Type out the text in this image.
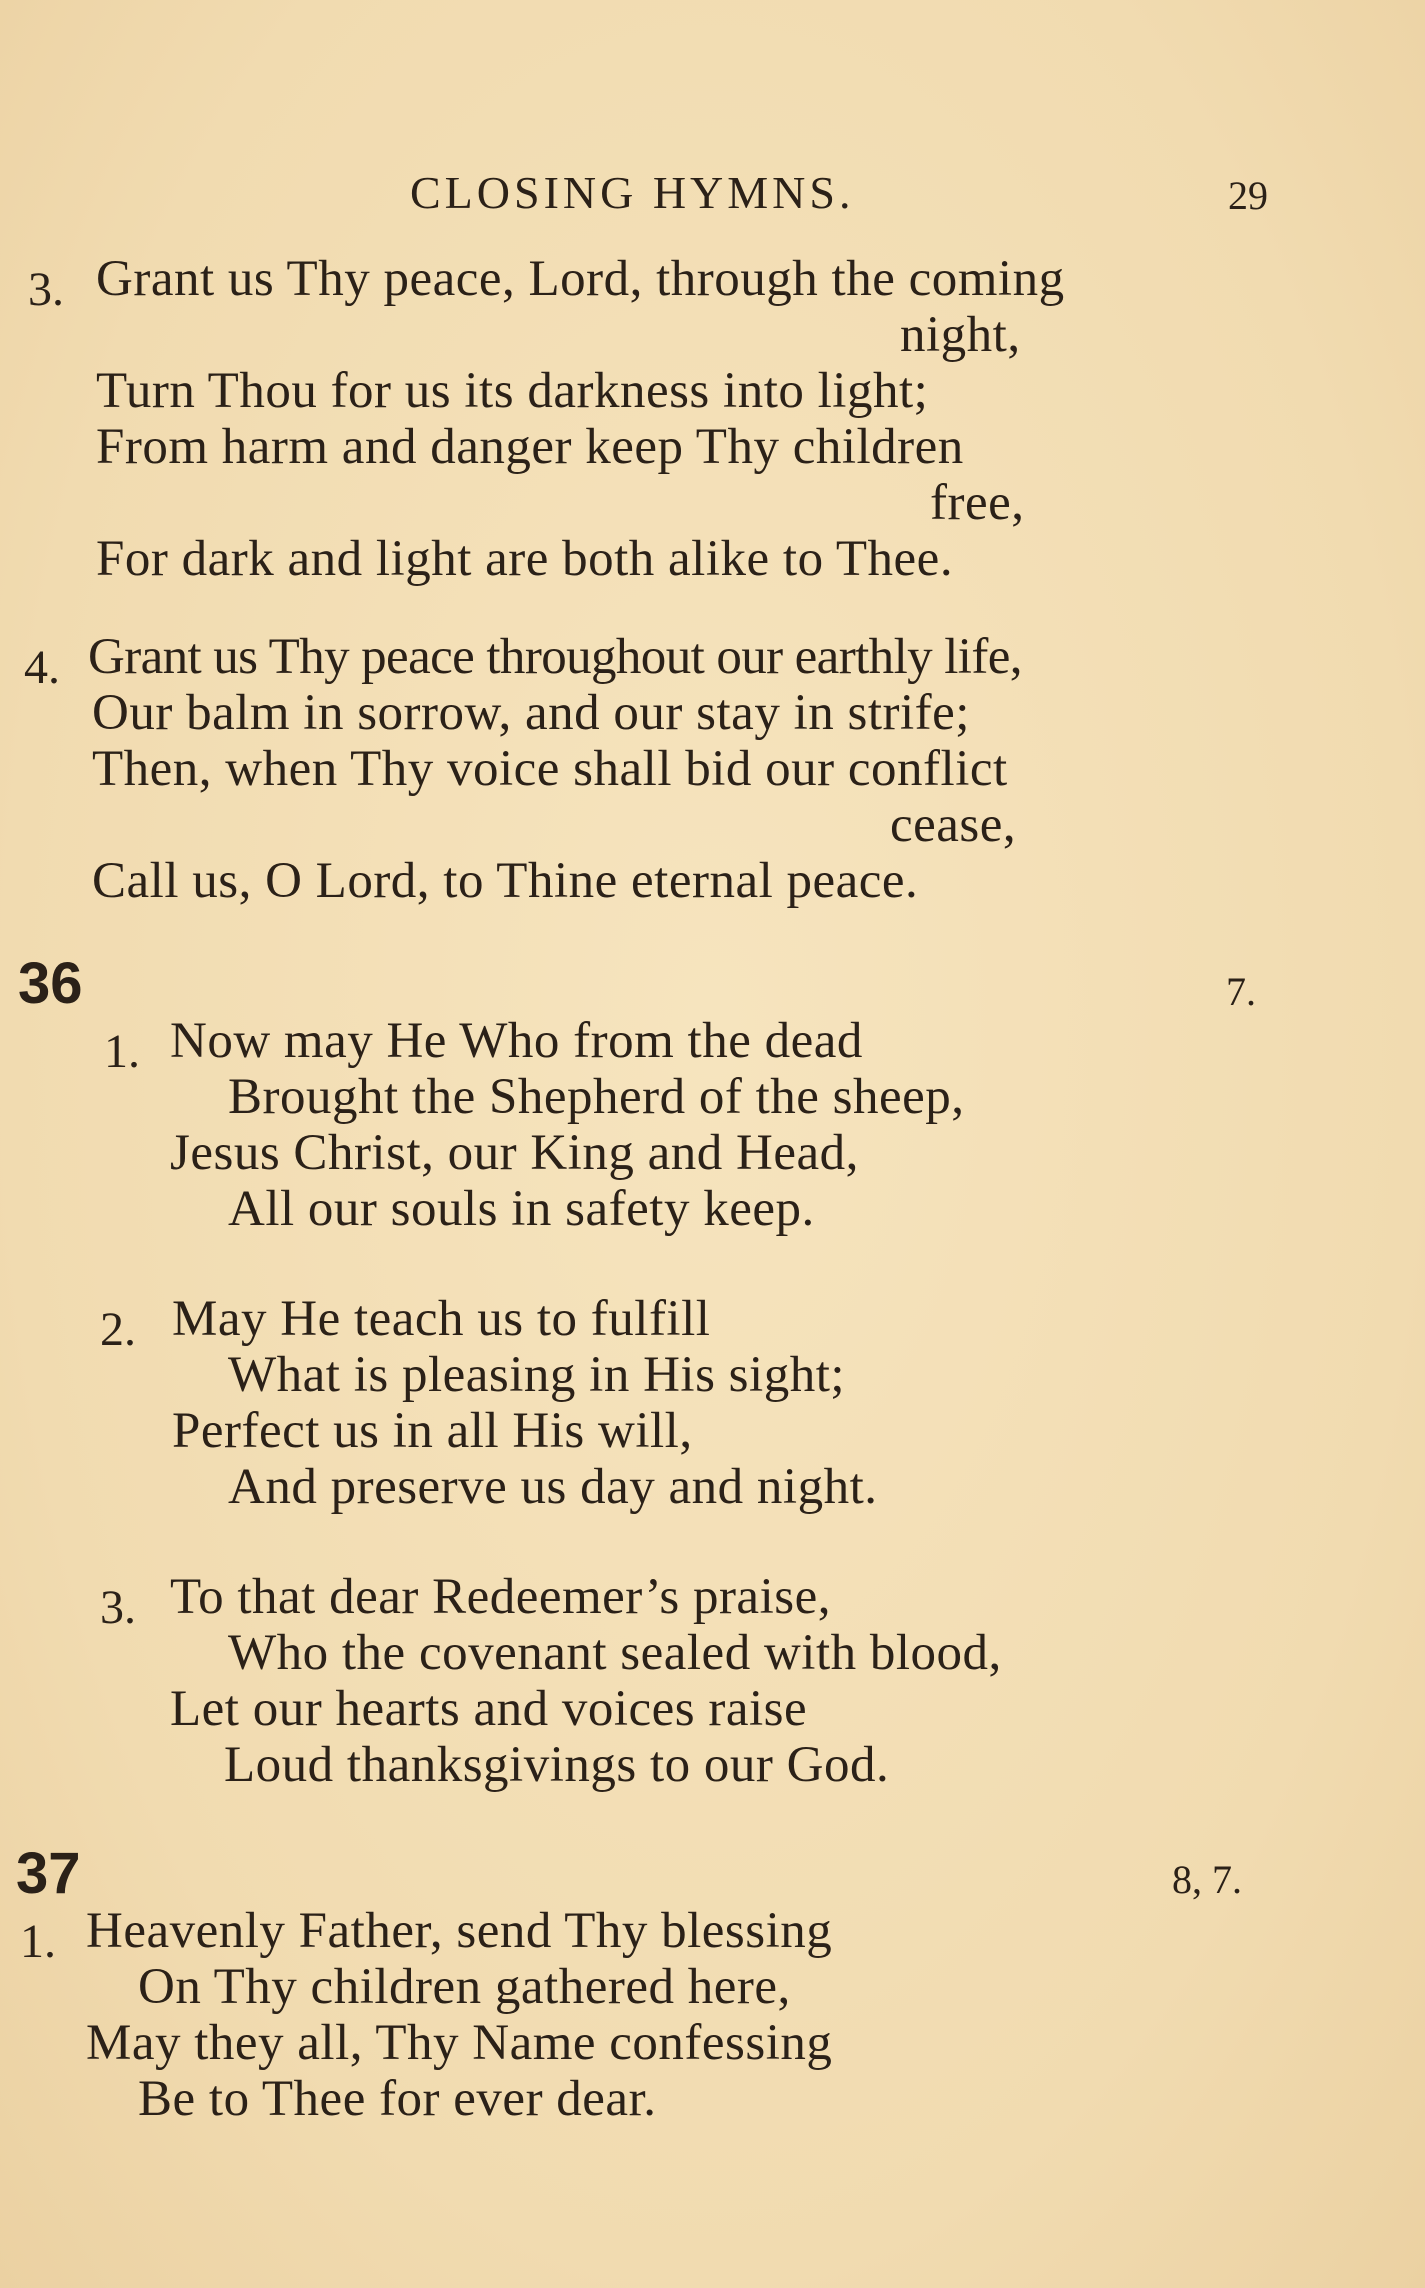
CLOSING HYMNS.	29
3. Grant us Thy peace, Lord, through the coming
night,
Turn Thou for us its darkness into light;
From harm and danger keep Thy children
free,
For dark and light are both alike to Thee.
4. Grant us Thy peace throughout our earthly life,
Our balm in sorrow, and our stay in strife;
Then, when Thy voice shall bid our conflict
cease,
Call us, O Lord, to Thine eternal peace.
36	7.
1. Now may He Who from the dead
Brought the Shepherd of the sheep,
Jesus Christ, our King and Head,
All our souls in safety keep.
2. May He teach us to fulfill
What is pleasing in His sight;
Perfect us in all His will,
And preserve us day and night.
3. To that dear Redeemer’s praise,
Who the covenant sealed with blood,
Let our hearts and voices raise
Loud thanksgivings to our God.
37	8, 7.
1. Heavenly Father, send Thy blessing
On Thy children gathered here,
May they all, Thy Name confessing
Be to Thee for ever dear.
